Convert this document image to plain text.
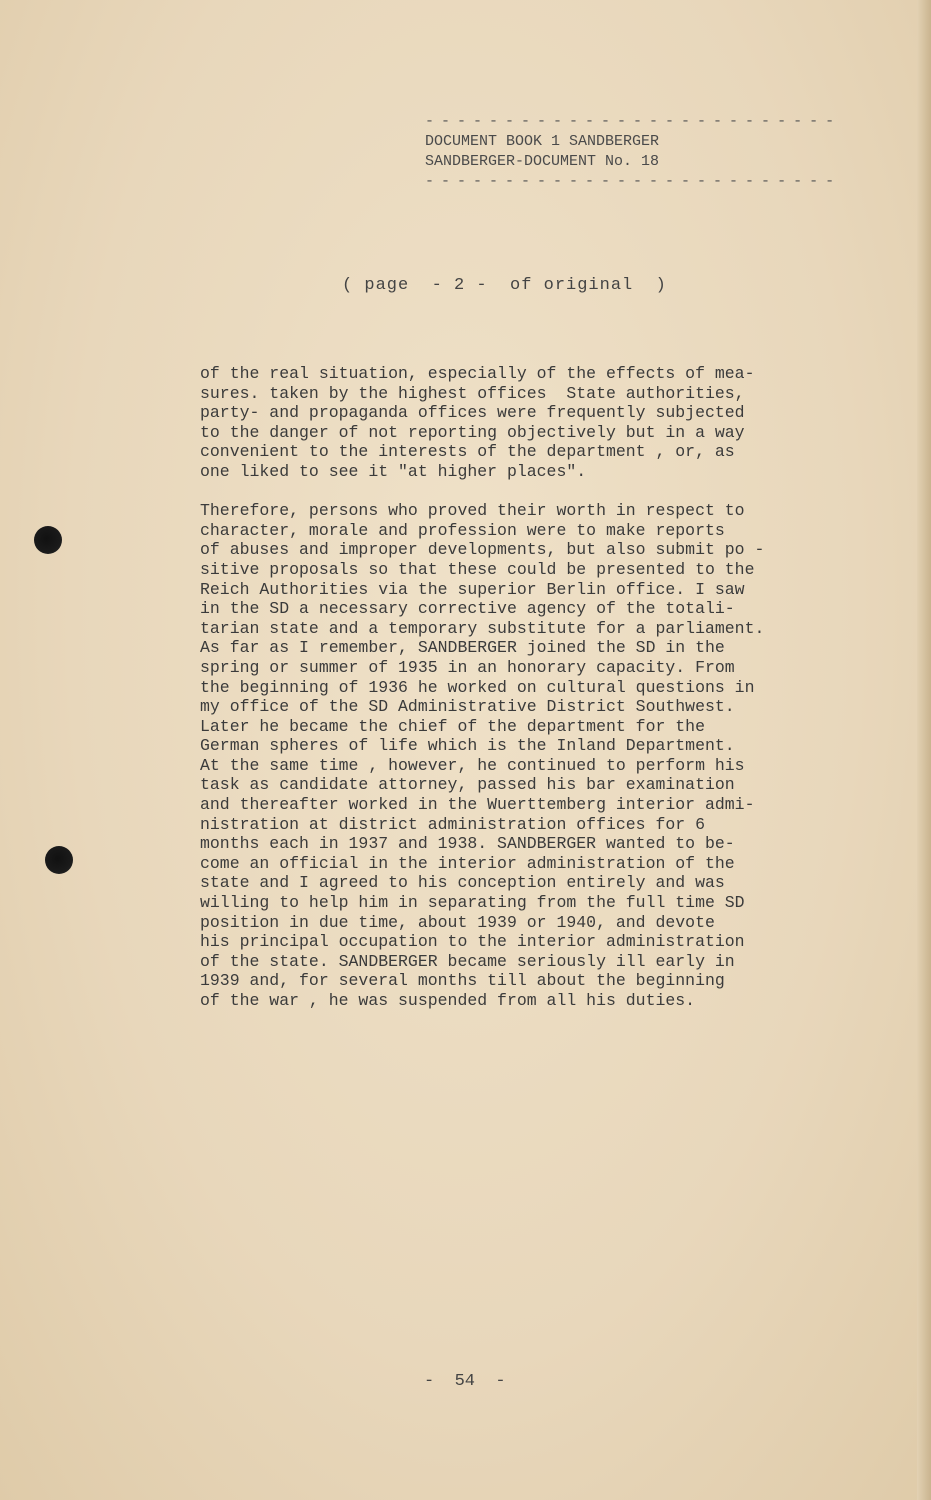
- - - - - - - - - - - - - - - - - - - - - - - - - -
DOCUMENT BOOK 1 SANDBERGER
SANDBERGER-DOCUMENT No. 18
- - - - - - - - - - - - - - - - - - - - - - - - - -
( page  - 2 -  of original  )
of the real situation, especially of the effects of mea-
sures. taken by the highest offices  State authorities,
party- and propaganda offices were frequently subjected
to the danger of not reporting objectively but in a way
convenient to the interests of the department , or, as
one liked to see it "at higher places".
Therefore, persons who proved their worth in respect to
character, morale and profession were to make reports
of abuses and improper developments, but also submit po -
sitive proposals so that these could be presented to the
Reich Authorities via the superior Berlin office. I saw
in the SD a necessary corrective agency of the totali-
tarian state and a temporary substitute for a parliament.
As far as I remember, SANDBERGER joined the SD in the
spring or summer of 1935 in an honorary capacity. From
the beginning of 1936 he worked on cultural questions in
my office of the SD Administrative District Southwest.
Later he became the chief of the department for the
German spheres of life which is the Inland Department.
At the same time , however, he continued to perform his
task as candidate attorney, passed his bar examination
and thereafter worked in the Wuerttemberg interior admi-
nistration at district administration offices for 6
months each in 1937 and 1938. SANDBERGER wanted to be-
come an official in the interior administration of the
state and I agreed to his conception entirely and was
willing to help him in separating from the full time SD
position in due time, about 1939 or 1940, and devote
his principal occupation to the interior administration
of the state. SANDBERGER became seriously ill early in
1939 and, for several months till about the beginning
of the war , he was suspended from all his duties.
-  54  -
